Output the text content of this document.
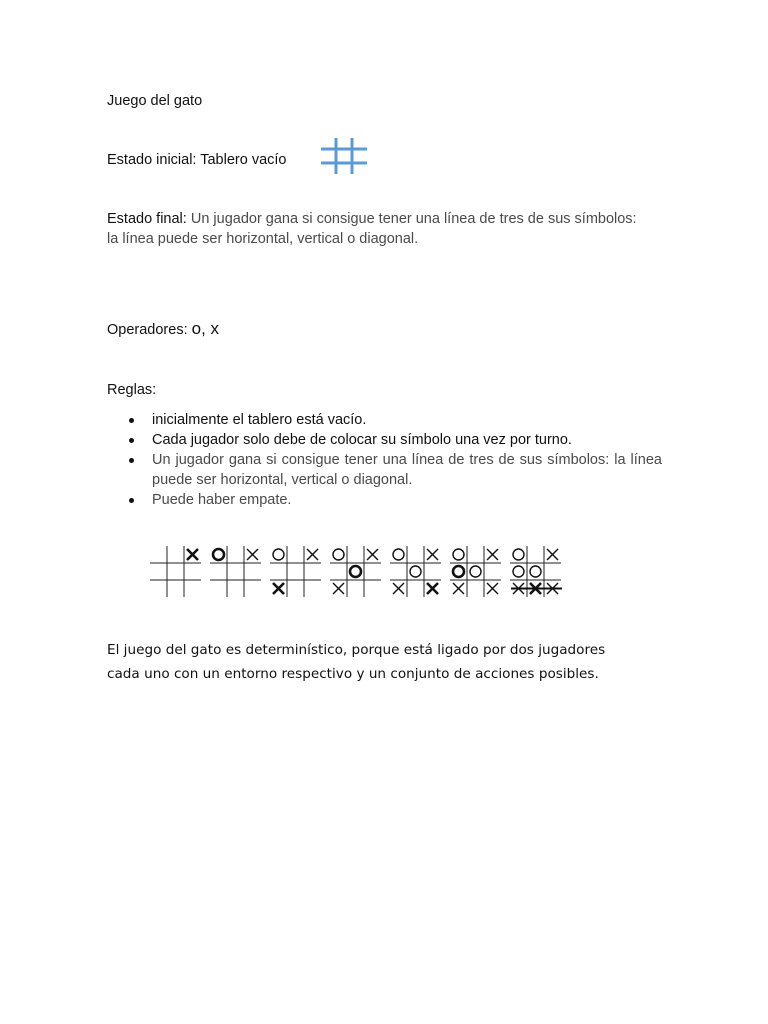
Juego del gato
Estado inicial: Tablero vacío
Estado final: Un jugador gana si consigue tener una línea de tres de sus símbolos:
la línea puede ser horizontal, vertical o diagonal.
Operadores: o, x
Reglas:
inicialmente el tablero está vacío.
Cada jugador solo debe de colocar su símbolo una vez por turno.
Un jugador gana si consigue tener una línea de tres de sus símbolos: la línea puede ser horizontal, vertical o diagonal.
Puede haber empate.
El juego del gato es determinístico, porque está ligado por dos jugadores
cada uno con un entorno respectivo y un conjunto de acciones posibles.
